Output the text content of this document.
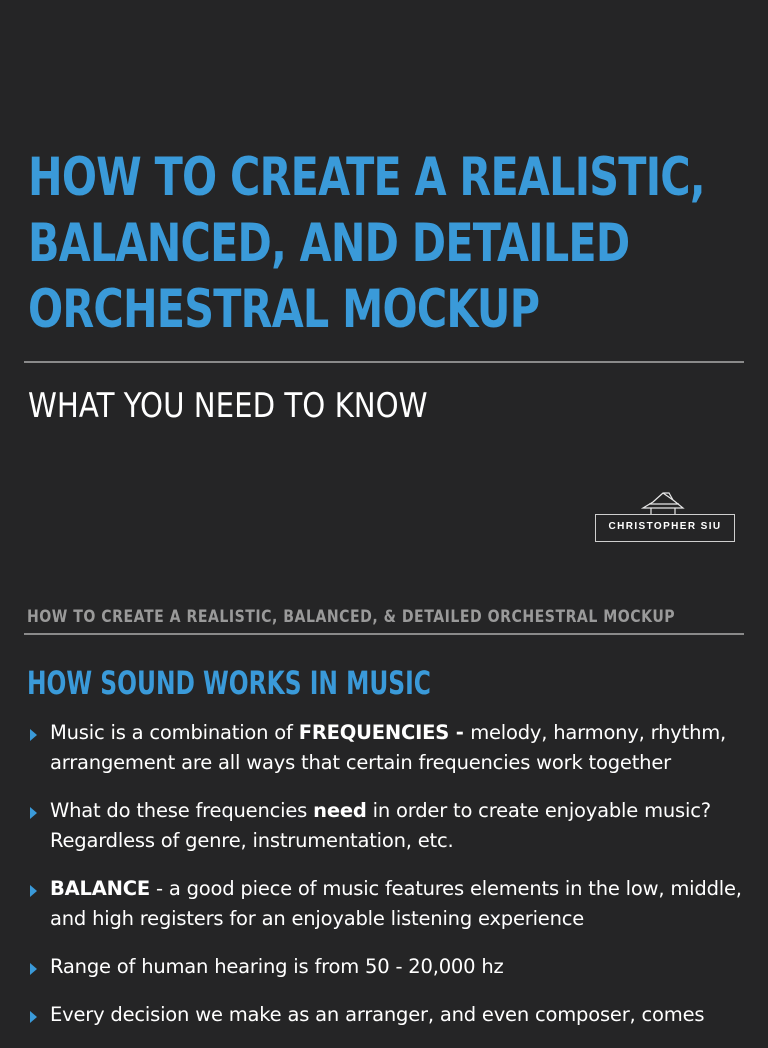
HOW TO CREATE A REALISTIC,
BALANCED, AND DETAILED
ORCHESTRAL MOCKUP
WHAT YOU NEED TO KNOW
CHRISTOPHER SIU
HOW TO CREATE A REALISTIC, BALANCED, & DETAILED ORCHESTRAL MOCKUP
HOW SOUND WORKS IN MUSIC
Music is a combination of FREQUENCIES - melody, harmony, rhythm, arrangement are all ways that certain frequencies work together
What do these frequencies need in order to create enjoyable music? Regardless of genre, instrumentation, etc.
BALANCE - a good piece of music features elements in the low, middle, and high registers for an enjoyable listening experience
Range of human hearing is from 50 - 20,000 hz
Every decision we make as an arranger, and even composer, comes
